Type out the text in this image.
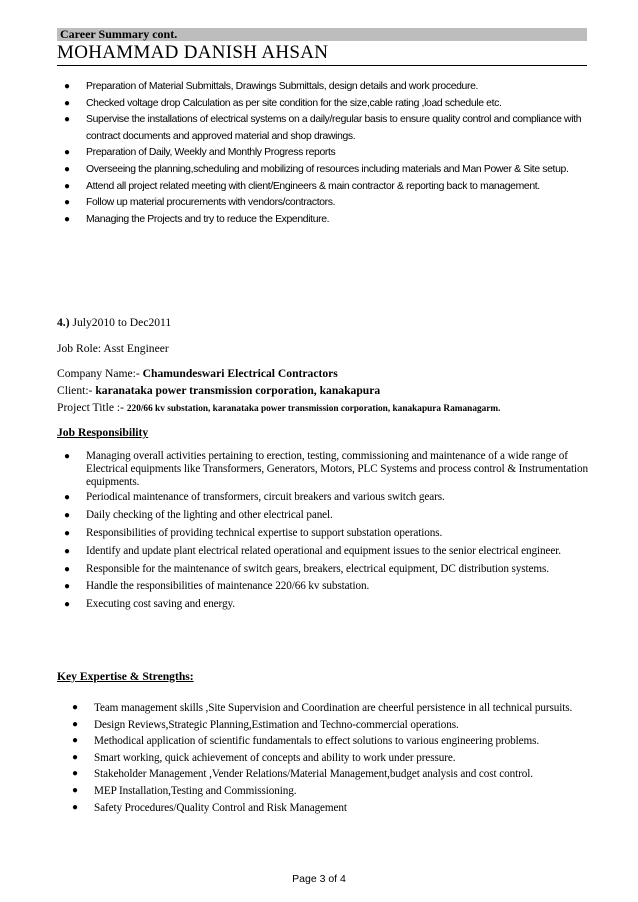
Career Summary cont.
MOHAMMAD DANISH AHSAN
●	Preparation of Material Submittals, Drawings Submittals, design details and work procedure.
●	Checked voltage drop Calculation as per site condition for the size,cable rating ,load schedule etc.
●	Supervise the installations of electrical systems on a daily/regular basis to ensure quality control and compliance with contract documents and approved material and shop drawings.
●	Preparation of Daily, Weekly and Monthly Progress reports
●	Overseeing the planning,scheduling and mobilizing of resources including materials and Man Power & Site setup.
●	Attend all project related meeting with client/Engineers & main contractor & reporting back to management.
●	Follow up material procurements with vendors/contractors.
●	Managing the Projects and try to reduce the Expenditure.
4.) July2010 to Dec2011
Job Role: Asst Engineer
Company Name:- Chamundeswari Electrical Contractors
Client:- karanataka power transmission corporation, kanakapura
Project Title :- 220/66 kv substation, karanataka power transmission corporation, kanakapura Ramanagarm.
Job Responsibility
●	Managing overall activities pertaining to erection, testing, commissioning and maintenance of a wide range of Electrical equipments like Transformers, Generators, Motors, PLC Systems and process control & Instrumentation equipments.
●	Periodical maintenance of transformers, circuit breakers and various switch gears.
●	Daily checking of the lighting and other electrical panel.
●	Responsibilities of providing technical expertise to support substation operations.
●	Identify and update plant electrical related operational and equipment issues to the senior electrical engineer.
●	Responsible for the maintenance of switch gears, breakers, electrical equipment, DC distribution systems.
●	Handle the responsibilities of maintenance 220/66 kv substation.
●	Executing cost saving and energy.
Key Expertise & Strengths:
●	Team management skills ,Site Supervision and Coordination are cheerful persistence in all technical pursuits.
●	Design Reviews,Strategic Planning,Estimation and Techno-commercial operations.
●	Methodical application of scientific fundamentals to effect solutions to various engineering problems.
●	Smart working, quick achievement of concepts and ability to work under pressure.
●	Stakeholder Management ,Vender Relations/Material Management,budget analysis and cost control.
●	MEP Installation,Testing and Commissioning.
●	Safety Procedures/Quality Control and Risk Management
Page 3 of 4
